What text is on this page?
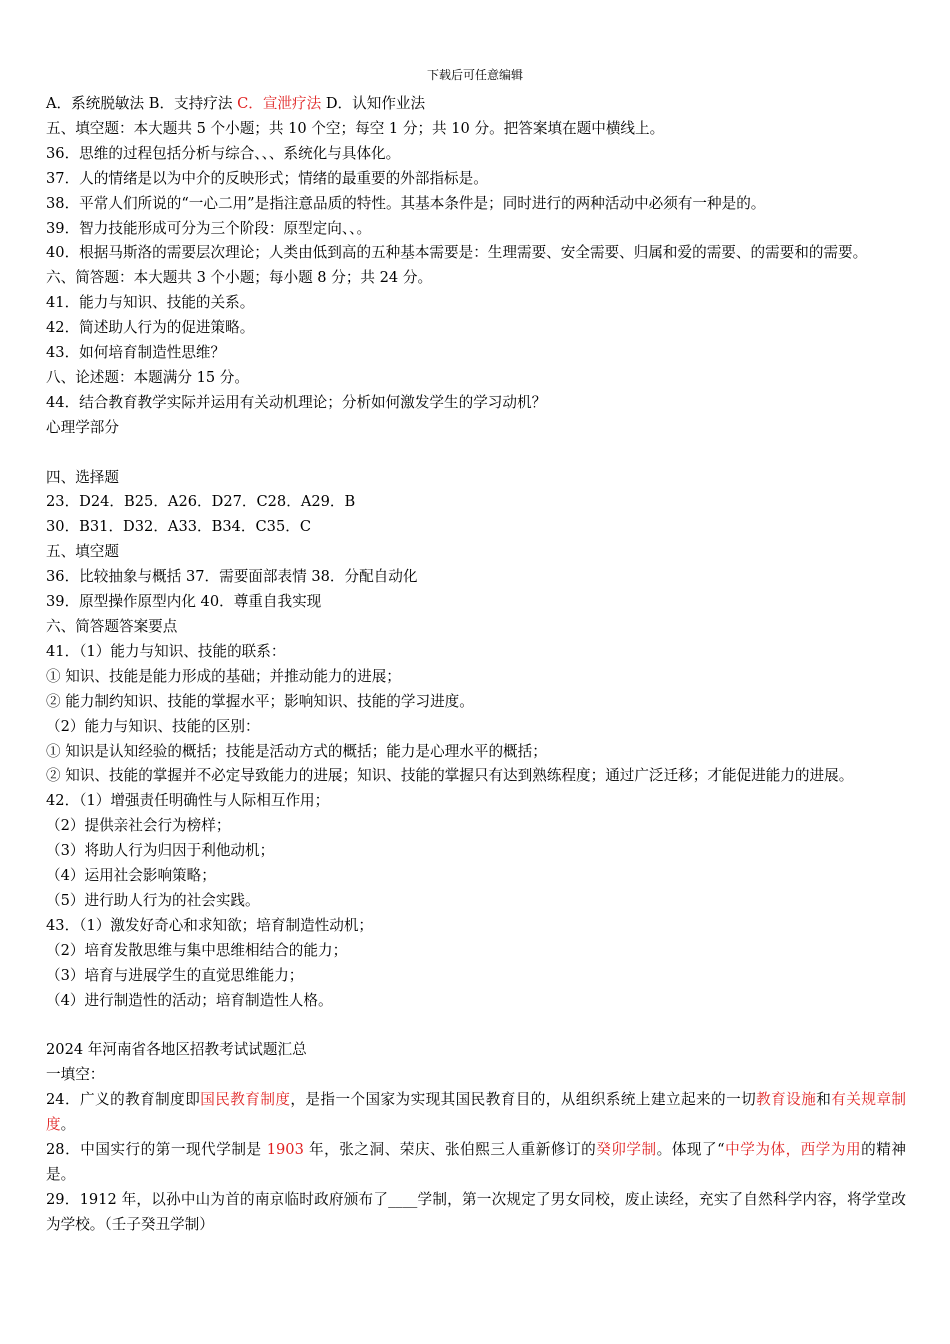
下载后可任意编辑
A．系统脱敏法 B．支持疗法 C．宣泄疗法 D．认知作业法
五、填空题：本大题共 5 个小题；共 10 个空；每空 1 分；共 10 分。把答案填在题中横线上。
36．思维的过程包括分析与综合、、、系统化与具体化。
37．人的情绪是以为中介的反映形式；情绪的最重要的外部指标是。
38．平常人们所说的“一心二用”是指注意品质的特性。其基本条件是；同时进行的两种活动中必须有一种是的。
39．智力技能形成可分为三个阶段：原型定向、、。
40．根据马斯洛的需要层次理论；人类由低到高的五种基本需要是：生理需要、安全需要、归属和爱的需要、的需要和的需要。
六、简答题：本大题共 3 个小题；每小题 8 分；共 24 分。
41．能力与知识、技能的关系。
42．简述助人行为的促进策略。
43．如何培育制造性思维？
八、论述题：本题满分 15 分。
44．结合教育教学实际并运用有关动机理论；分析如何激发学生的学习动机？
心理学部分
四、选择题
23．D24．B25．A26．D27．C28．A29．B
30．B31．D32．A33．B34．C35．C
五、填空题
36．比较抽象与概括 37．需要面部表情 38．分配自动化
39．原型操作原型内化 40．尊重自我实现
六、简答题答案要点
41．（1）能力与知识、技能的联系：
① 知识、技能是能力形成的基础；并推动能力的进展；
② 能力制约知识、技能的掌握水平；影响知识、技能的学习进度。
（2）能力与知识、技能的区别：
① 知识是认知经验的概括；技能是活动方式的概括；能力是心理水平的概括；
② 知识、技能的掌握并不必定导致能力的进展；知识、技能的掌握只有达到熟练程度；通过广泛迁移；才能促进能力的进展。
42．（1）增强责任明确性与人际相互作用；
（2）提供亲社会行为榜样；
（3）将助人行为归因于利他动机；
（4）运用社会影响策略；
（5）进行助人行为的社会实践。
43．（1）激发好奇心和求知欲；培育制造性动机；
（2）培育发散思维与集中思维相结合的能力；
（3）培育与进展学生的直觉思维能力；
（4）进行制造性的活动；培育制造性人格。
2024 年河南省各地区招教考试试题汇总
一填空：
24．广义的教育制度即国民教育制度，是指一个国家为实现其国民教育目的，从组织系统上建立起来的一切教育设施和有关规章制度。
28．中国实行的第一现代学制是 1903 年，张之洞、荣庆、张伯熙三人重新修订的癸卯学制。体现了“中学为体，西学为用的精神是。
29．1912 年，以孙中山为首的南京临时政府颁布了____学制，第一次规定了男女同校，废止读经，充实了自然科学内容，将学堂改为学校。（壬子癸丑学制）
